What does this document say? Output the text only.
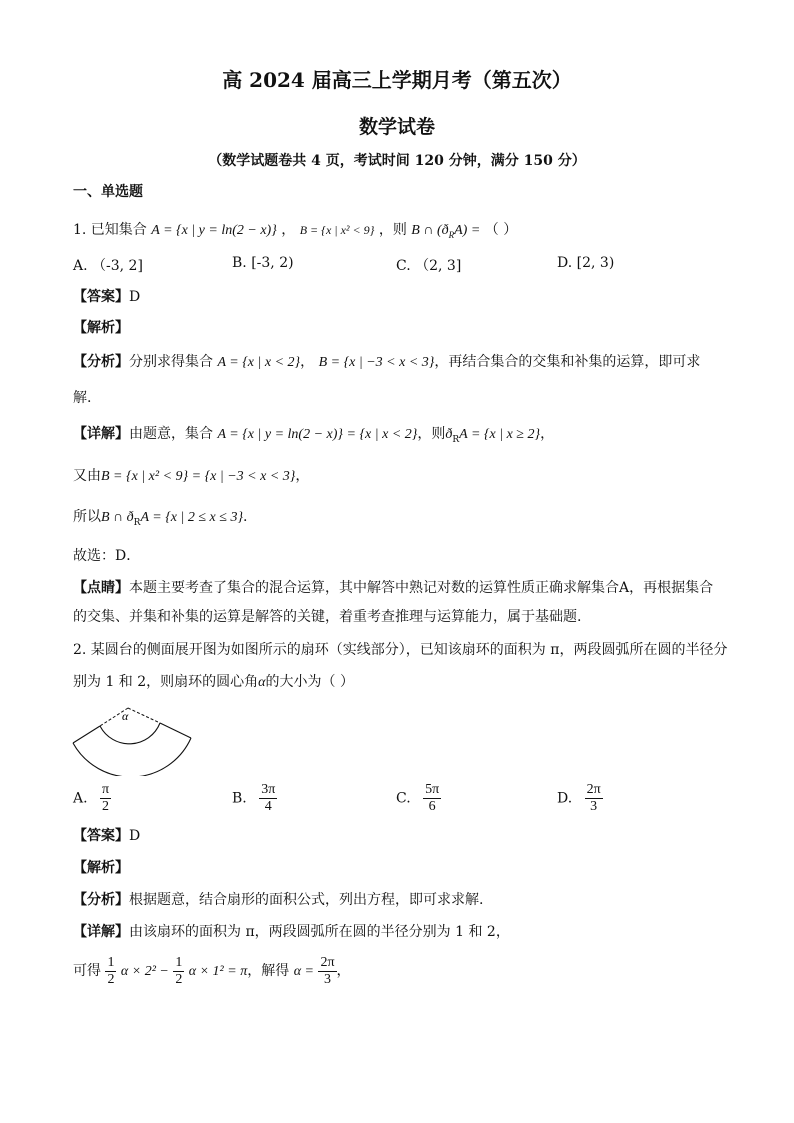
高 2024 届高三上学期月考（第五次）
数学试卷
（数学试题卷共 4 页，考试时间 120 分钟，满分 150 分）
一、单选题
1. 已知集合 A = {x | y = ln(2 − x)} ， B = {x | x² < 9} ，则 B ∩ $(ð_RA)$ = （ ）
A. （-3, 2]	B. [-3, 2)	C. （2, 3]	D. [2, 3)
【答案】D
【解析】
【分析】分别求得集合 A = {x | x < 2}， B = {x | −3 < x < 3}，再结合集合的交集和补集的运算，即可求
解.
【详解】由题意，集合 A = {x | y = ln(2 − x)} = {x | x < 2}，则$ð_RA = \{x$ | x ≥ 2}，
又由B = {x | x² < 9} = {x | −3 < x < 3}，
所以B ∩ $ð_RA = \{x$ | 2 ≤ x ≤ 3}.
故选：D．
【点睛】本题主要考查了集合的混合运算，其中解答中熟记对数的运算性质正确求解集合A，再根据集合
的交集、并集和补集的运算是解答的关键，着重考查推理与运算能力，属于基础题.
2. 某圆台的侧面展开图为如图所示的扇环（实线部分），已知该扇环的面积为 π，两段圆弧所在圆的半径分
别为 1 和 2，则扇环的圆心角α的大小为（ ）
α
A. $\frac{\pi}{2}$	B. $\frac{3\pi}{4}$	C. $\frac{5\pi}{6}$	D. $\frac{2\pi}{3}$
【答案】D
【解析】
【分析】根据题意，结合扇形的面积公式，列出方程，即可求求解.
【详解】由该扇环的面积为 π，两段圆弧所在圆的半径分别为 1 和 2，
可得 $\frac{1}{2}$ $\alpha \times 2^2 - \frac{1}{2}$ α × 1² = π，解得 $\alpha = \frac{2\pi}{3}$ ，
